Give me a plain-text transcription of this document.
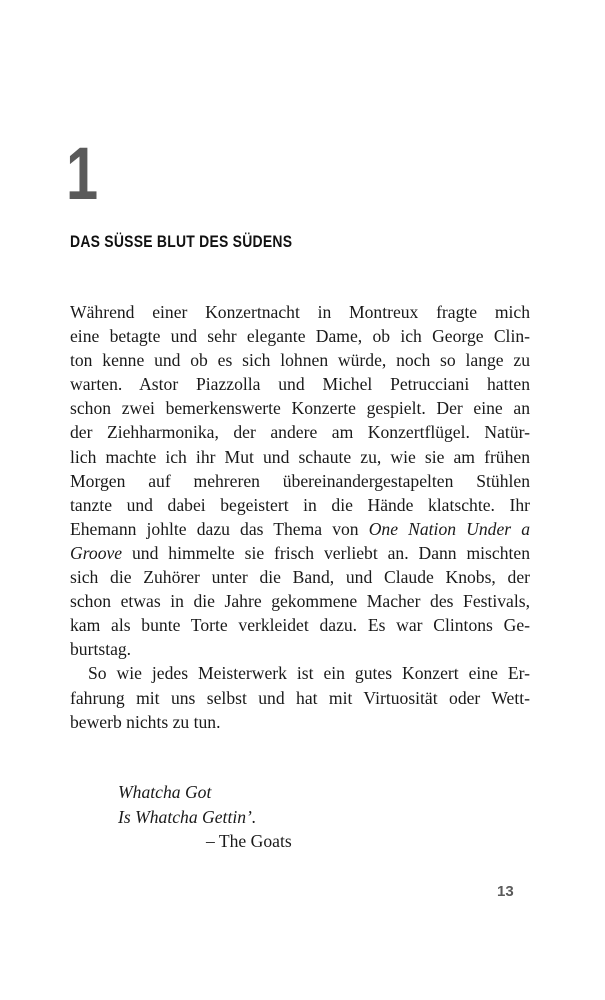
1
DAS SÜSSE BLUT DES SÜDENS
Während einer Konzertnacht in Montreux fragte mich
eine betagte und sehr elegante Dame, ob ich George Clin-
ton kenne und ob es sich lohnen würde, noch so lange zu
warten. Astor Piazzolla und Michel Petrucciani hatten
schon zwei bemerkenswerte Konzerte gespielt. Der eine an
der Ziehharmonika, der andere am Konzertflügel. Natür-
lich machte ich ihr Mut und schaute zu, wie sie am frühen
Morgen auf mehreren übereinandergestapelten Stühlen
tanzte und dabei begeistert in die Hände klatschte. Ihr
Ehemann johlte dazu das Thema von One Nation Under a
Groove und himmelte sie frisch verliebt an. Dann mischten
sich die Zuhörer unter die Band, und Claude Knobs, der
schon etwas in die Jahre gekommene Macher des Festivals,
kam als bunte Torte verkleidet dazu. Es war Clintons Ge-
burtstag.
So wie jedes Meisterwerk ist ein gutes Konzert eine Er-
fahrung mit uns selbst und hat mit Virtuosität oder Wett-
bewerb nichts zu tun.
Whatcha Got
Is Whatcha Gettin’.
– The Goats
13
